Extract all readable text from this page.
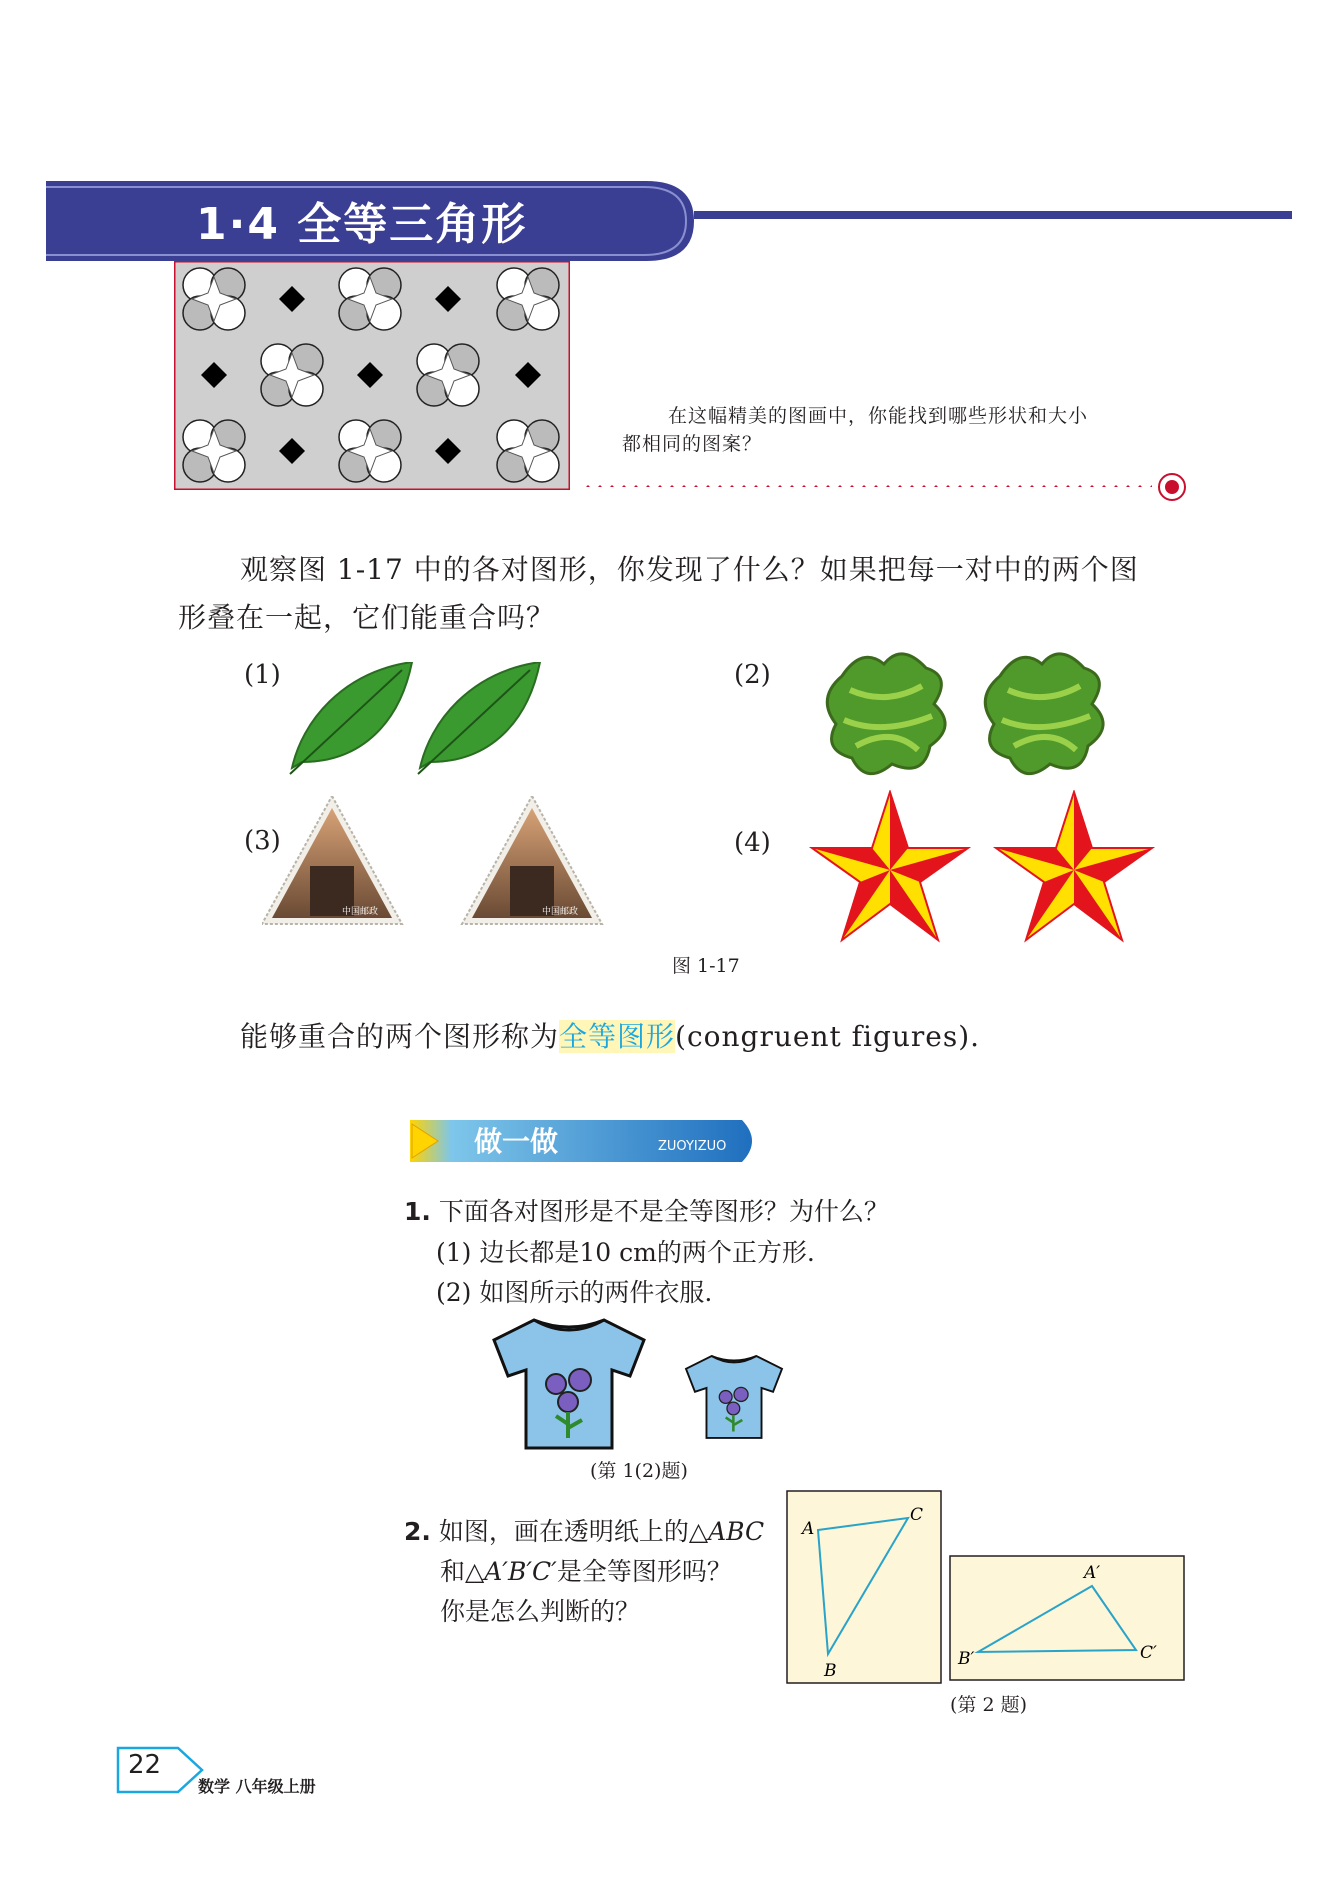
1·4 全等三角形

在这幅精美的图画中，你能找到哪些形状和大小

都相同的图案？

观察图 1-17 中的各对图形，你发现了什么？如果把每一对中的两个图
形叠在一起，它们能重合吗？
(1)	(2)
(3)	(4)
中国邮政	中国邮政
图 1-17
能够重合的两个图形称为全等图形(congruent figures).
做一做	ZUOYIZUO
1. 下面各对图形是不是全等图形？为什么？
(1) 边长都是10 cm的两个正方形.
(2) 如图所示的两件衣服.
(第 1(2)题)
2. 如图，画在透明纸上的△ABC
和△A′B′C′是全等图形吗？
你是怎么判断的？
A
C
B
A′
B′	C′
(第 2 题)
22
数学 八年级上册
